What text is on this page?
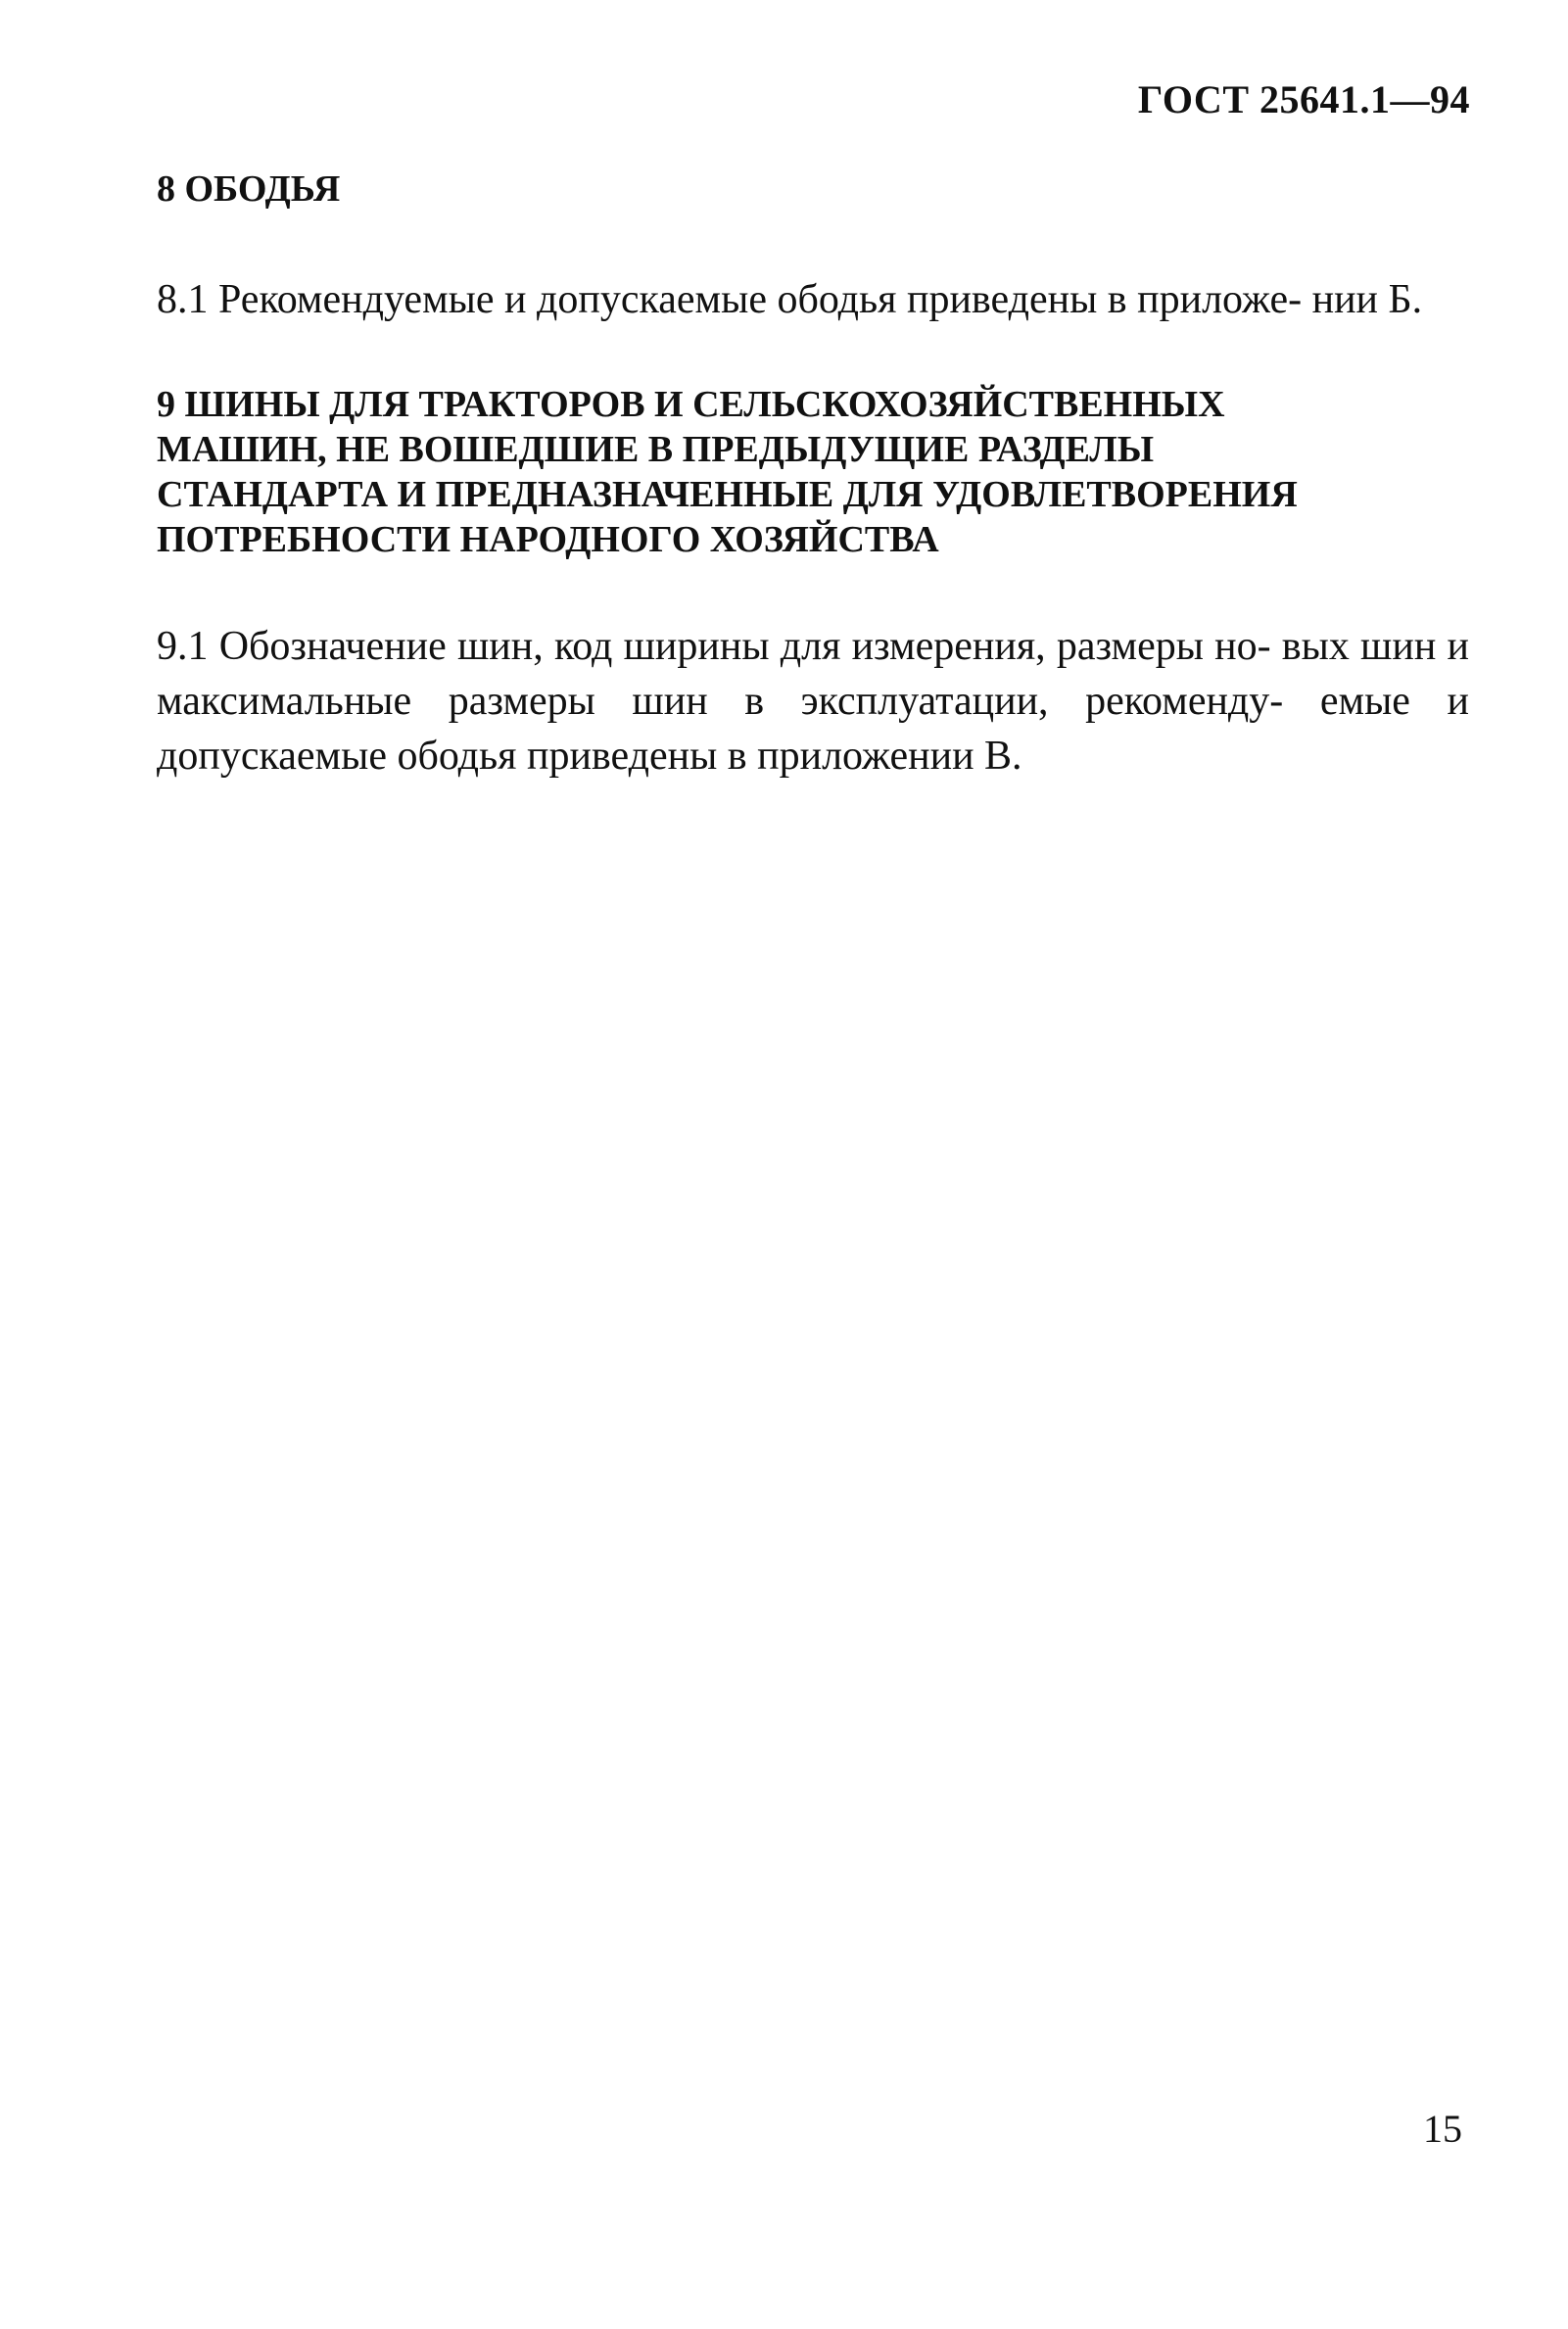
ГОСТ 25641.1—94
8 ОБОДЬЯ

8.1 Рекомендуемые и допускаемые ободья приведены в приложе- нии Б.

9 ШИНЫ ДЛЯ ТРАКТОРОВ И СЕЛЬСКОХОЗЯЙСТВЕННЫХ
МАШИН, НЕ ВОШЕДШИЕ В ПРЕДЫДУЩИЕ РАЗДЕЛЫ
СТАНДАРТА И ПРЕДНАЗНАЧЕННЫЕ ДЛЯ УДОВЛЕТВОРЕНИЯ
ПОТРЕБНОСТИ НАРОДНОГО ХОЗЯЙСТВА

9.1 Обозначение шин, код ширины для измерения, размеры но- вых шин и максимальные размеры шин в эксплуатации, рекоменду- емые и допускаемые ободья приведены в приложении В.

15
